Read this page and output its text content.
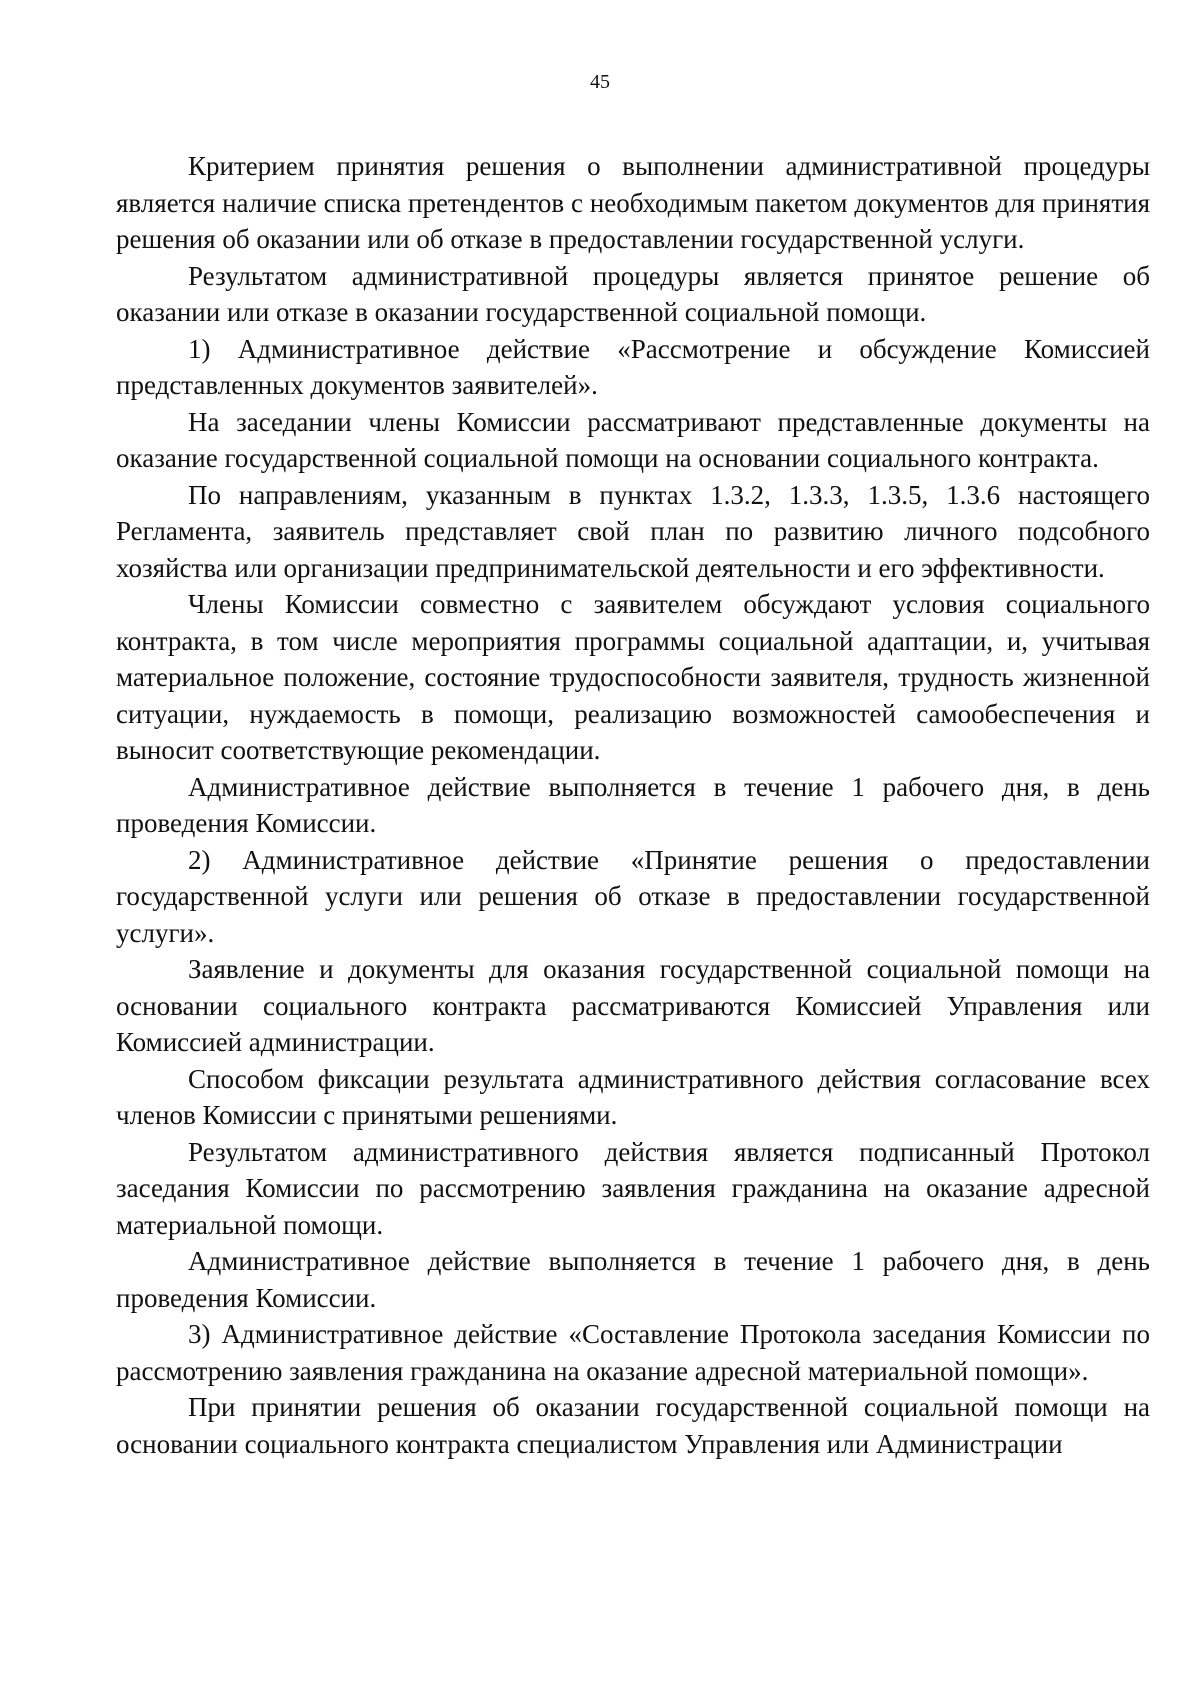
45

Критерием принятия решения о выполнении административной процедуры является наличие списка претендентов с необходимым пакетом документов для принятия решения об оказании или об отказе в предоставлении государственной услуги.

Результатом административной процедуры является принятое решение об оказании или отказе в оказании государственной социальной помощи.

1) Административное действие «Рассмотрение и обсуждение Комиссией представленных документов заявителей».

На заседании члены Комиссии рассматривают представленные документы на оказание государственной социальной помощи на основании социального контракта.

По направлениям, указанным в пунктах 1.3.2, 1.3.3, 1.3.5, 1.3.6 настоящего Регламента, заявитель представляет свой план по развитию личного подсобного хозяйства или организации предпринимательской деятельности и его эффективности.

Члены Комиссии совместно с заявителем обсуждают условия социального контракта, в том числе мероприятия программы социальной адаптации, и, учитывая материальное положение, состояние трудоспособности заявителя, трудность жизненной ситуации, нуждаемость в помощи, реализацию возможностей самообеспечения и выносит соответствующие рекомендации.

Административное действие выполняется в течение 1 рабочего дня, в день проведения Комиссии.

2) Административное действие «Принятие решения о предоставлении государственной услуги или решения об отказе в предоставлении государственной услуги».

Заявление и документы для оказания государственной социальной помощи на основании социального контракта рассматриваются Комиссией Управления или Комиссией администрации.

Способом фиксации результата административного действия согласование всех членов Комиссии с принятыми решениями.

Результатом административного действия является подписанный Протокол заседания Комиссии по рассмотрению заявления гражданина на оказание адресной материальной помощи.

Административное действие выполняется в течение 1 рабочего дня, в день проведения Комиссии.

3) Административное действие «Составление Протокола заседания Комиссии по рассмотрению заявления гражданина на оказание адресной материальной помощи».

При принятии решения об оказании государственной социальной помощи на основании социального контракта специалистом Управления или Администрации
